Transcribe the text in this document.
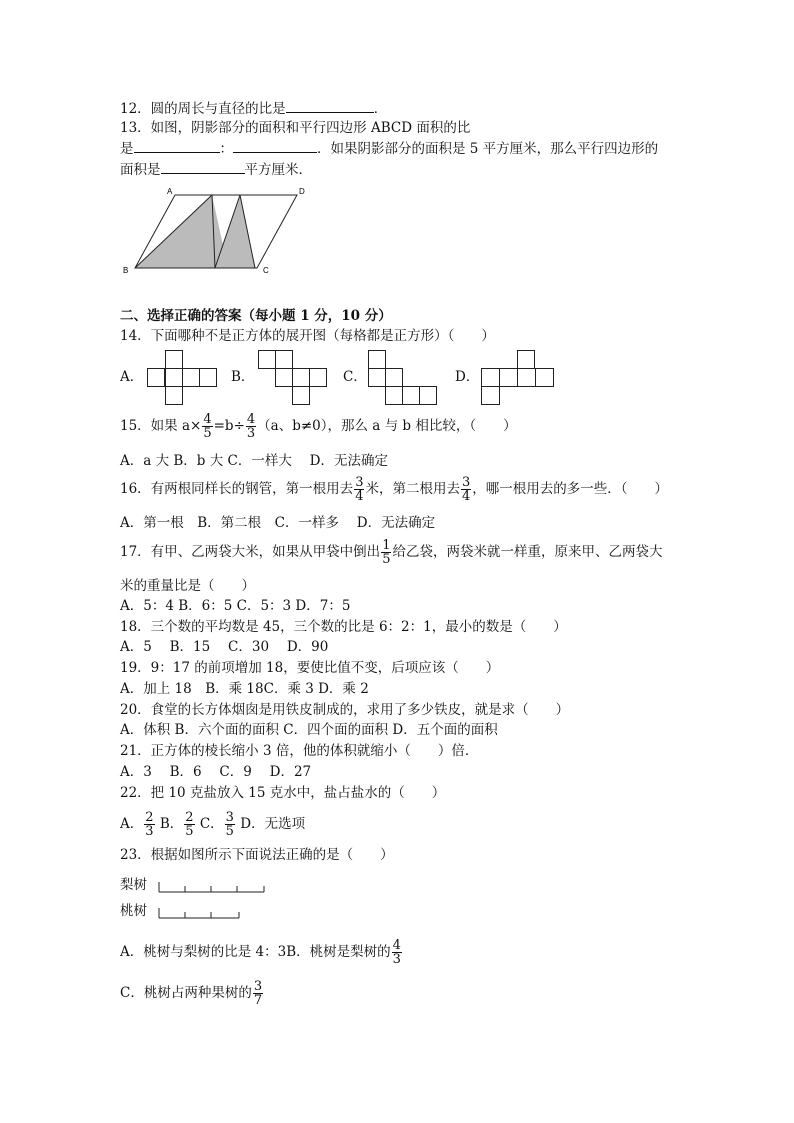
12．圆的周长与直径的比是	．
13．如图，阴影部分的面积和平行四边形 ABCD 面积的比
是	：	．如果阴影部分的面积是 5 平方厘米，那么平行四边形的
面积是	平方厘米．
A	D
B	C
二、选择正确的答案（每小题 1 分，10 分）
14．下面哪种不是正方体的展开图（每格都是正方形）（　　）
A．	B．	C．	D．
15．如果 $a\times \frac{4}{5} =b\div \frac{4}{3} (a$、b≠0），那么 a 与 b 相比较，（　　）
A．a 大 B．b 大 C．一样大　 D．无法确定
16．有两根同样长的钢管，第一根用去 $\frac{3}{4}$ 米，第二根用去 $\frac{3}{4}$ ，哪一根用去的多一些．（　　）
A．第一根　B．第二根　C．一样多　 D．无法确定
17．有甲、乙两袋大米，如果从甲袋中倒出 $\frac{1}{5}$ 给乙袋，两袋米就一样重，原来甲、乙两袋大
米的重量比是（　　）
A．5：4 B．6：5 C．5：3 D．7：5
18．三个数的平均数是 45，三个数的比是 6：2：1，最小的数是（　　）
A．5　 B．15　 C．30　 D．90
19．9：17 的前项增加 18，要使比值不变，后项应该（　　）
A．加上 18　B．乘 18C．乘 3 D．乘 2
20．食堂的长方体烟囱是用铁皮制成的，求用了多少铁皮，就是求（　　）
A．体积 B．六个面的面积 C．四个面的面积 D．五个面的面积
21．正方体的棱长缩小 3 倍，他的体积就缩小（　　）倍．
A．3　 B．6　 C．9　 D．27
22．把 10 克盐放入 15 克水中，盐占盐水的（　　）
A． $\frac{2}{3}$ B． $\frac{2}{5}$ C． $\frac{3}{5}$ D．无选项
23．根据如图所示下面说法正确的是（　　）
梨树
桃树
A．桃树与梨树的比是 4：3B．桃树是梨树的 $\frac{4}{3}$
C．桃树占两种果树的 $\frac{3}{7}$
